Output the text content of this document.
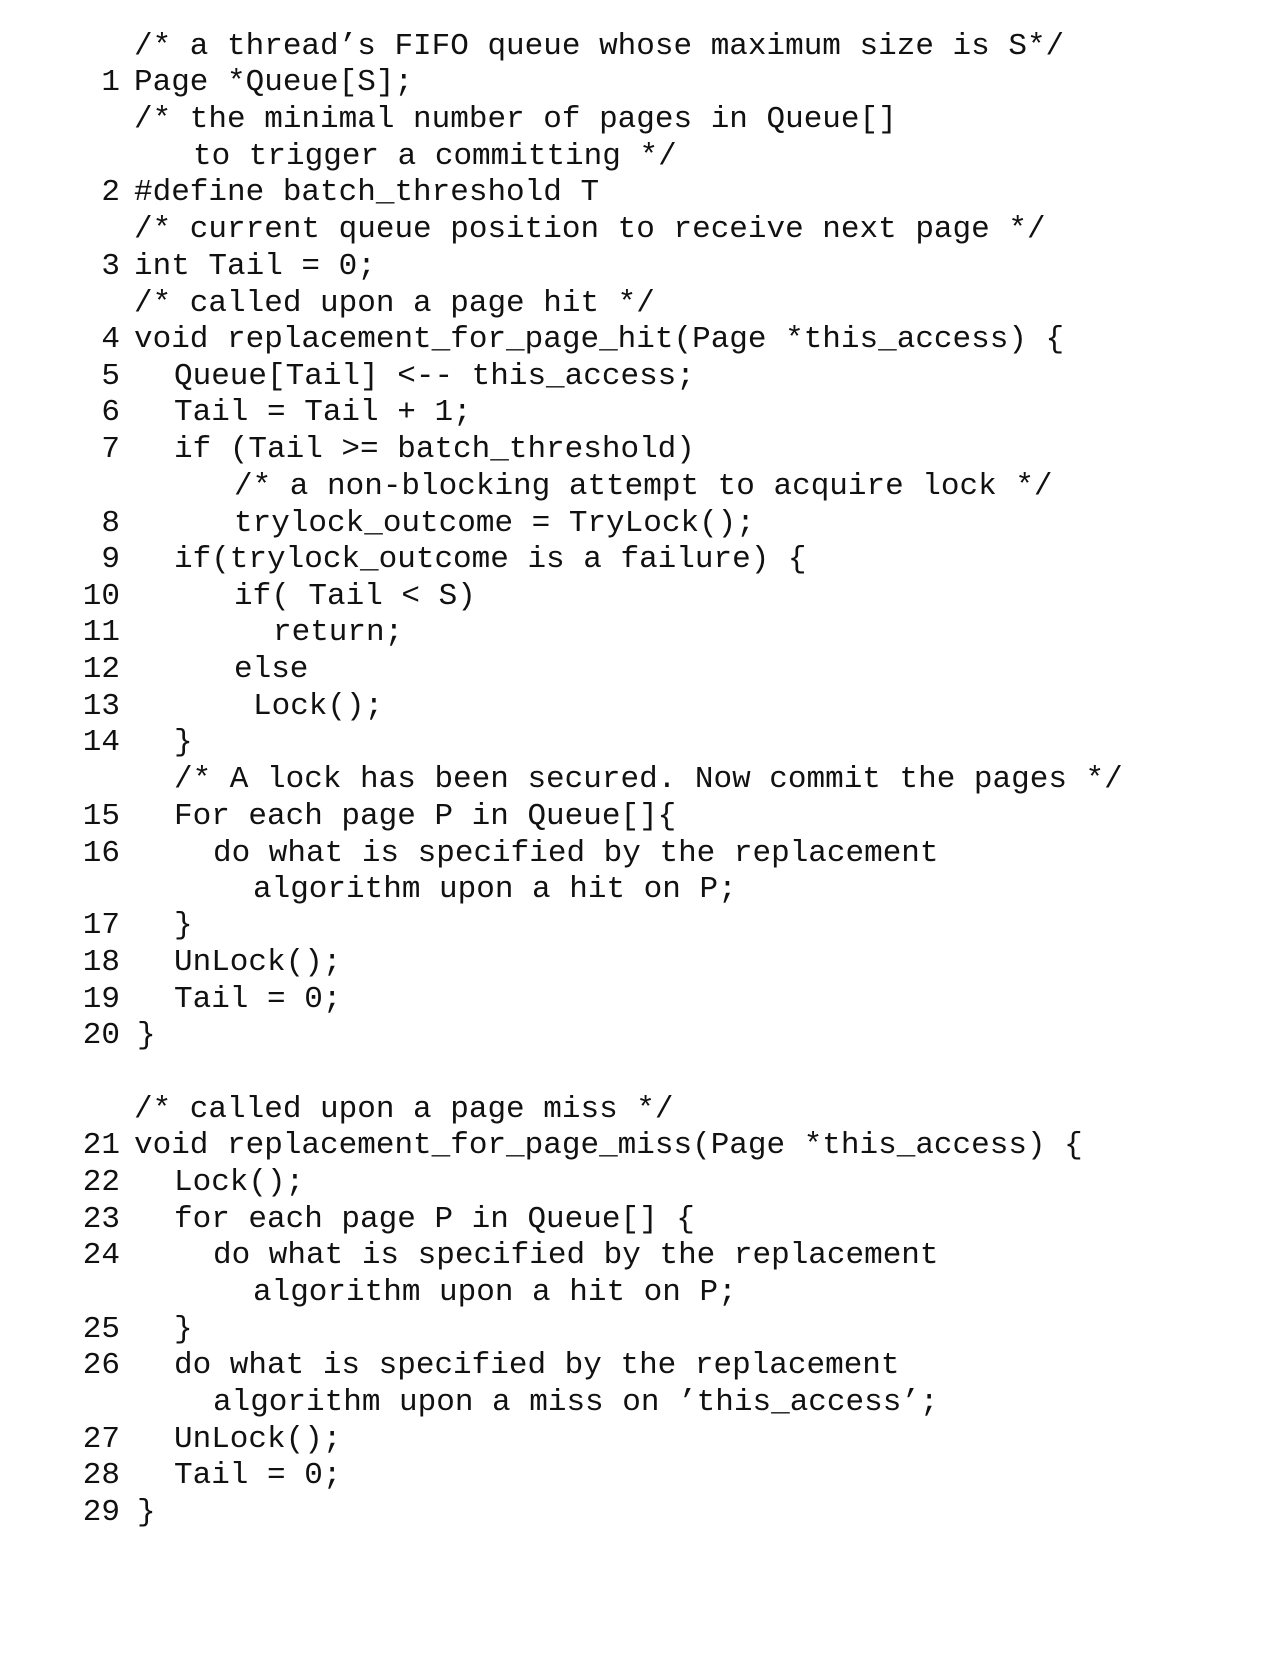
/* a thread’s FIFO queue whose maximum size is S*/
1 Page *Queue[S];
/* the minimal number of pages in Queue[]
to trigger a committing */
2 #define batch_threshold T
/* current queue position to receive next page */
3 int Tail = 0;
/* called upon a page hit */
4 void replacement_for_page_hit(Page *this_access) {
5 Queue[Tail] <-- this_access;
6 Tail = Tail + 1;
7 if (Tail >= batch_threshold)
/* a non-blocking attempt to acquire lock */
8	trylock_outcome = TryLock();
9 if(trylock_outcome is a failure) {
10	if( Tail < S)
11	return;
12	else
13	Lock();
14 }
/* A lock has been secured. Now commit the pages */
15 For each page P in Queue[]{
16	do what is specified by the replacement
algorithm upon a hit on P;
17 }
18 UnLock();
19 Tail = 0;
20 }
/* called upon a page miss */
21 void replacement_for_page_miss(Page *this_access) {
22 Lock();
23 for each page P in Queue[] {
24	do what is specified by the replacement
algorithm upon a hit on P;
25 }
26 do what is specified by the replacement
algorithm upon a miss on ’this_access’;
27 UnLock();
28 Tail = 0;
29 }
